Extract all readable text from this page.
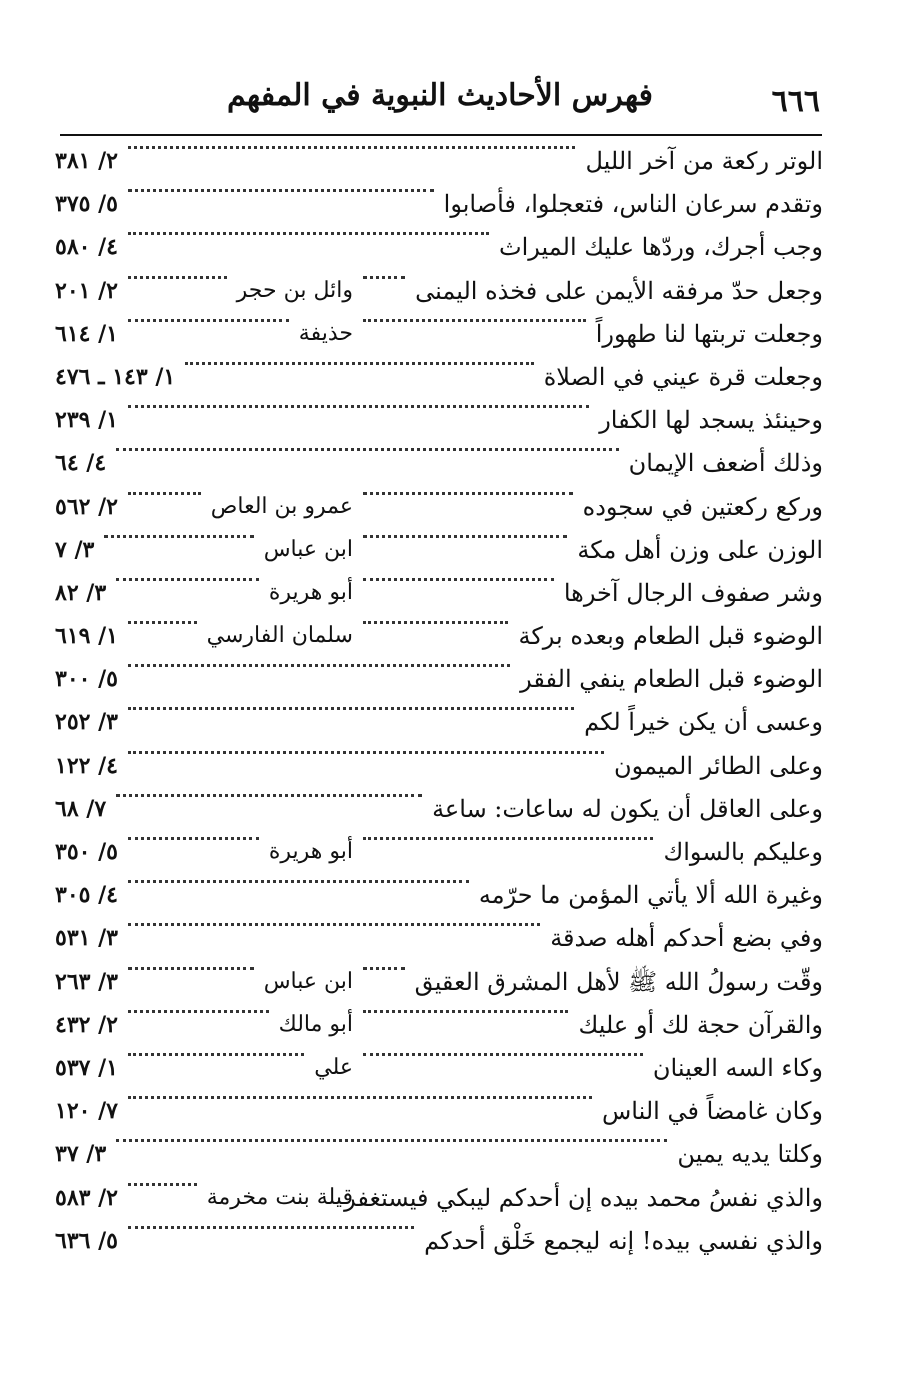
٦٦٦
فهرس الأحاديث النبوية في المفهم
الوتر ركعة من آخر الليل
٢/ ٣٨١
وتقدم سرعان الناس، فتعجلوا، فأصابوا
٥/ ٣٧٥
وجب أجرك، وردّها عليك الميراث
٤/ ٥٨٠
وجعل حدّ مرفقه الأيمن على فخذه اليمنى
وائل بن حجر
٢/ ٢٠١
وجعلت تربتها لنا طهوراً
حذيفة
١/ ٦١٤
وجعلت قرة عيني في الصلاة
١/ ١٤٣ ـ ٤٧٦
وحينئذ يسجد لها الكفار
١/ ٢٣٩
وذلك أضعف الإيمان
٤/ ٦٤
وركع ركعتين في سجوده
عمرو بن العاص
٢/ ٥٦٢
الوزن على وزن أهل مكة
ابن عباس
٣/ ٧
وشر صفوف الرجال آخرها
أبو هريرة
٣/ ٨٢
الوضوء قبل الطعام وبعده بركة
سلمان الفارسي
١/ ٦١٩
الوضوء قبل الطعام ينفي الفقر
٥/ ٣٠٠
وعسى أن يكن خيراً لكم
٣/ ٢٥٢
وعلى الطائر الميمون
٤/ ١٢٢
وعلى العاقل أن يكون له ساعات: ساعة
٧/ ٦٨
وعليكم بالسواك
أبو هريرة
٥/ ٣٥٠
وغيرة الله ألا يأتي المؤمن ما حرّمه
٤/ ٣٠٥
وفي بضع أحدكم أهله صدقة
٣/ ٥٣١
وقّت رسولُ الله ﷺ لأهل المشرق العقيق
ابن عباس
٣/ ٢٦٣
والقرآن حجة لك أو عليك
أبو مالك
٢/ ٤٣٢
وكاء السه العينان
علي
١/ ٥٣٧
وكان غامضاً في الناس
٧/ ١٢٠
وكلتا يديه يمين
٣/ ٣٧
والذي نفسُ محمد بيده إن أحدكم ليبكي فيستغفر
قيلة بنت مخرمة
٢/ ٥٨٣
والذي نفسي بيده! إنه ليجمع خَلْق أحدكم
٥/ ٦٣٦
